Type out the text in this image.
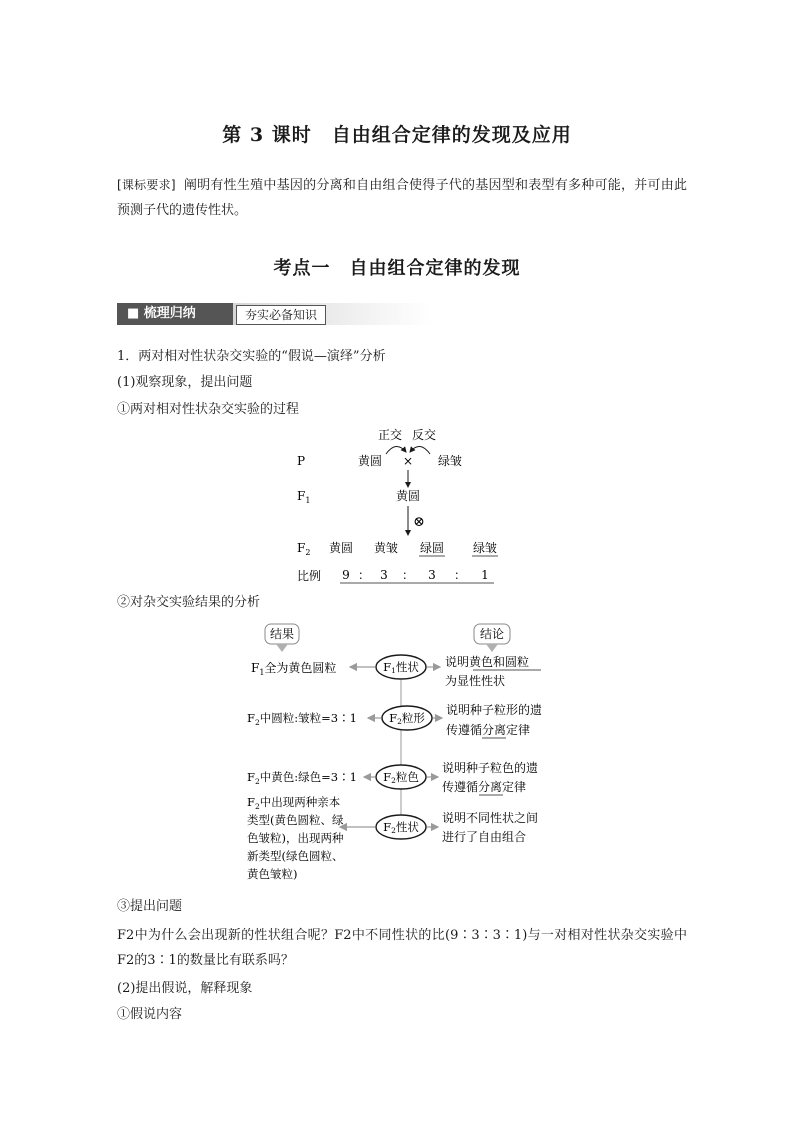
第 3 课时　自由组合定律的发现及应用
[课标要求] 阐明有性生殖中基因的分离和自由组合使得子代的基因型和表型有多种可能，并可由此预测子代的遗传性状。
考点一　自由组合定律的发现
■ 梳理归纳	夯实必备知识
1．两对相对性状杂交实验的“假说—演绎”分析
(1)观察现象，提出问题
①两对相对性状杂交实验的过程
正交 反交
P	黄圆 × 绿皱
$F_1$	黄圆
⊗
$F_2$ 黄圆 黄皱 绿圆 绿皱
比例 9 ： 3 ： 3 ： 1
结果	结论
F1性状
$F_1$全为黄色圆粒	说明黄色和圆粒
为显性性状
F2粒形
$F_2$中圆粒:皱粒=3∶1
说明种子粒形的遗
传遵循分离定律
F2粒色
$F_2$中黄色:绿色=3∶1
说明种子粒色的遗
传遵循分离定律
F2性状
$F_2$中出现两种亲本
类型(黄色圆粒、绿
色皱粒)，出现两种
新类型(绿色圆粒、
黄色皱粒)
说明不同性状之间
进行了自由组合
②对杂交实验结果的分析
③提出问题
F2中为什么会出现新的性状组合呢？F2中不同性状的比(9∶3∶3∶1)与一对相对性状杂交实验中F2的3∶1的数量比有联系吗？
(2)提出假说，解释现象
①假说内容
